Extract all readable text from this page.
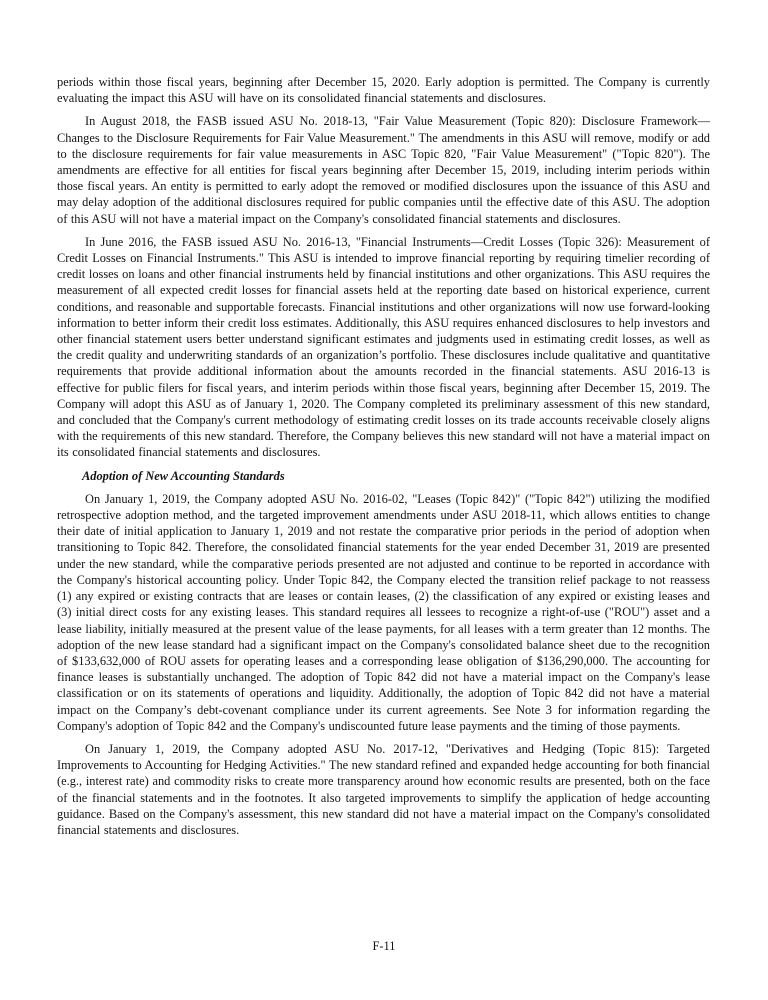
periods within those fiscal years, beginning after December 15, 2020. Early adoption is permitted. The Company is currently evaluating the impact this ASU will have on its consolidated financial statements and disclosures.

In August 2018, the FASB issued ASU No. 2018-13, "Fair Value Measurement (Topic 820): Disclosure Framework—Changes to the Disclosure Requirements for Fair Value Measurement." The amendments in this ASU will remove, modify or add to the disclosure requirements for fair value measurements in ASC Topic 820, "Fair Value Measurement" ("Topic 820"). The amendments are effective for all entities for fiscal years beginning after December 15, 2019, including interim periods within those fiscal years. An entity is permitted to early adopt the removed or modified disclosures upon the issuance of this ASU and may delay adoption of the additional disclosures required for public companies until the effective date of this ASU. The adoption of this ASU will not have a material impact on the Company's consolidated financial statements and disclosures.

In June 2016, the FASB issued ASU No. 2016-13, "Financial Instruments—Credit Losses (Topic 326): Measurement of Credit Losses on Financial Instruments." This ASU is intended to improve financial reporting by requiring timelier recording of credit losses on loans and other financial instruments held by financial institutions and other organizations. This ASU requires the measurement of all expected credit losses for financial assets held at the reporting date based on historical experience, current conditions, and reasonable and supportable forecasts. Financial institutions and other organizations will now use forward-looking information to better inform their credit loss estimates. Additionally, this ASU requires enhanced disclosures to help investors and other financial statement users better understand significant estimates and judgments used in estimating credit losses, as well as the credit quality and underwriting standards of an organization’s portfolio. These disclosures include qualitative and quantitative requirements that provide additional information about the amounts recorded in the financial statements. ASU 2016-13 is effective for public filers for fiscal years, and interim periods within those fiscal years, beginning after December 15, 2019. The Company will adopt this ASU as of January 1, 2020. The Company completed its preliminary assessment of this new standard, and concluded that the Company's current methodology of estimating credit losses on its trade accounts receivable closely aligns with the requirements of this new standard. Therefore, the Company believes this new standard will not have a material impact on its consolidated financial statements and disclosures.

Adoption of New Accounting Standards

On January 1, 2019, the Company adopted ASU No. 2016-02, "Leases (Topic 842)" ("Topic 842") utilizing the modified retrospective adoption method, and the targeted improvement amendments under ASU 2018-11, which allows entities to change their date of initial application to January 1, 2019 and not restate the comparative prior periods in the period of adoption when transitioning to Topic 842. Therefore, the consolidated financial statements for the year ended December 31, 2019 are presented under the new standard, while the comparative periods presented are not adjusted and continue to be reported in accordance with the Company's historical accounting policy. Under Topic 842, the Company elected the transition relief package to not reassess (1) any expired or existing contracts that are leases or contain leases, (2) the classification of any expired or existing leases and (3) initial direct costs for any existing leases. This standard requires all lessees to recognize a right-of-use ("ROU") asset and a lease liability, initially measured at the present value of the lease payments, for all leases with a term greater than 12 months. The adoption of the new lease standard had a significant impact on the Company's consolidated balance sheet due to the recognition of $133,632,000 of ROU assets for operating leases and a corresponding lease obligation of $136,290,000. The accounting for finance leases is substantially unchanged. The adoption of Topic 842 did not have a material impact on the Company's lease classification or on its statements of operations and liquidity. Additionally, the adoption of Topic 842 did not have a material impact on the Company’s debt-covenant compliance under its current agreements. See Note 3 for information regarding the Company's adoption of Topic 842 and the Company's undiscounted future lease payments and the timing of those payments.

On January 1, 2019, the Company adopted ASU No. 2017-12, "Derivatives and Hedging (Topic 815): Targeted Improvements to Accounting for Hedging Activities." The new standard refined and expanded hedge accounting for both financial (e.g., interest rate) and commodity risks to create more transparency around how economic results are presented, both on the face of the financial statements and in the footnotes. It also targeted improvements to simplify the application of hedge accounting guidance. Based on the Company's assessment, this new standard did not have a material impact on the Company's consolidated financial statements and disclosures.

F-11
